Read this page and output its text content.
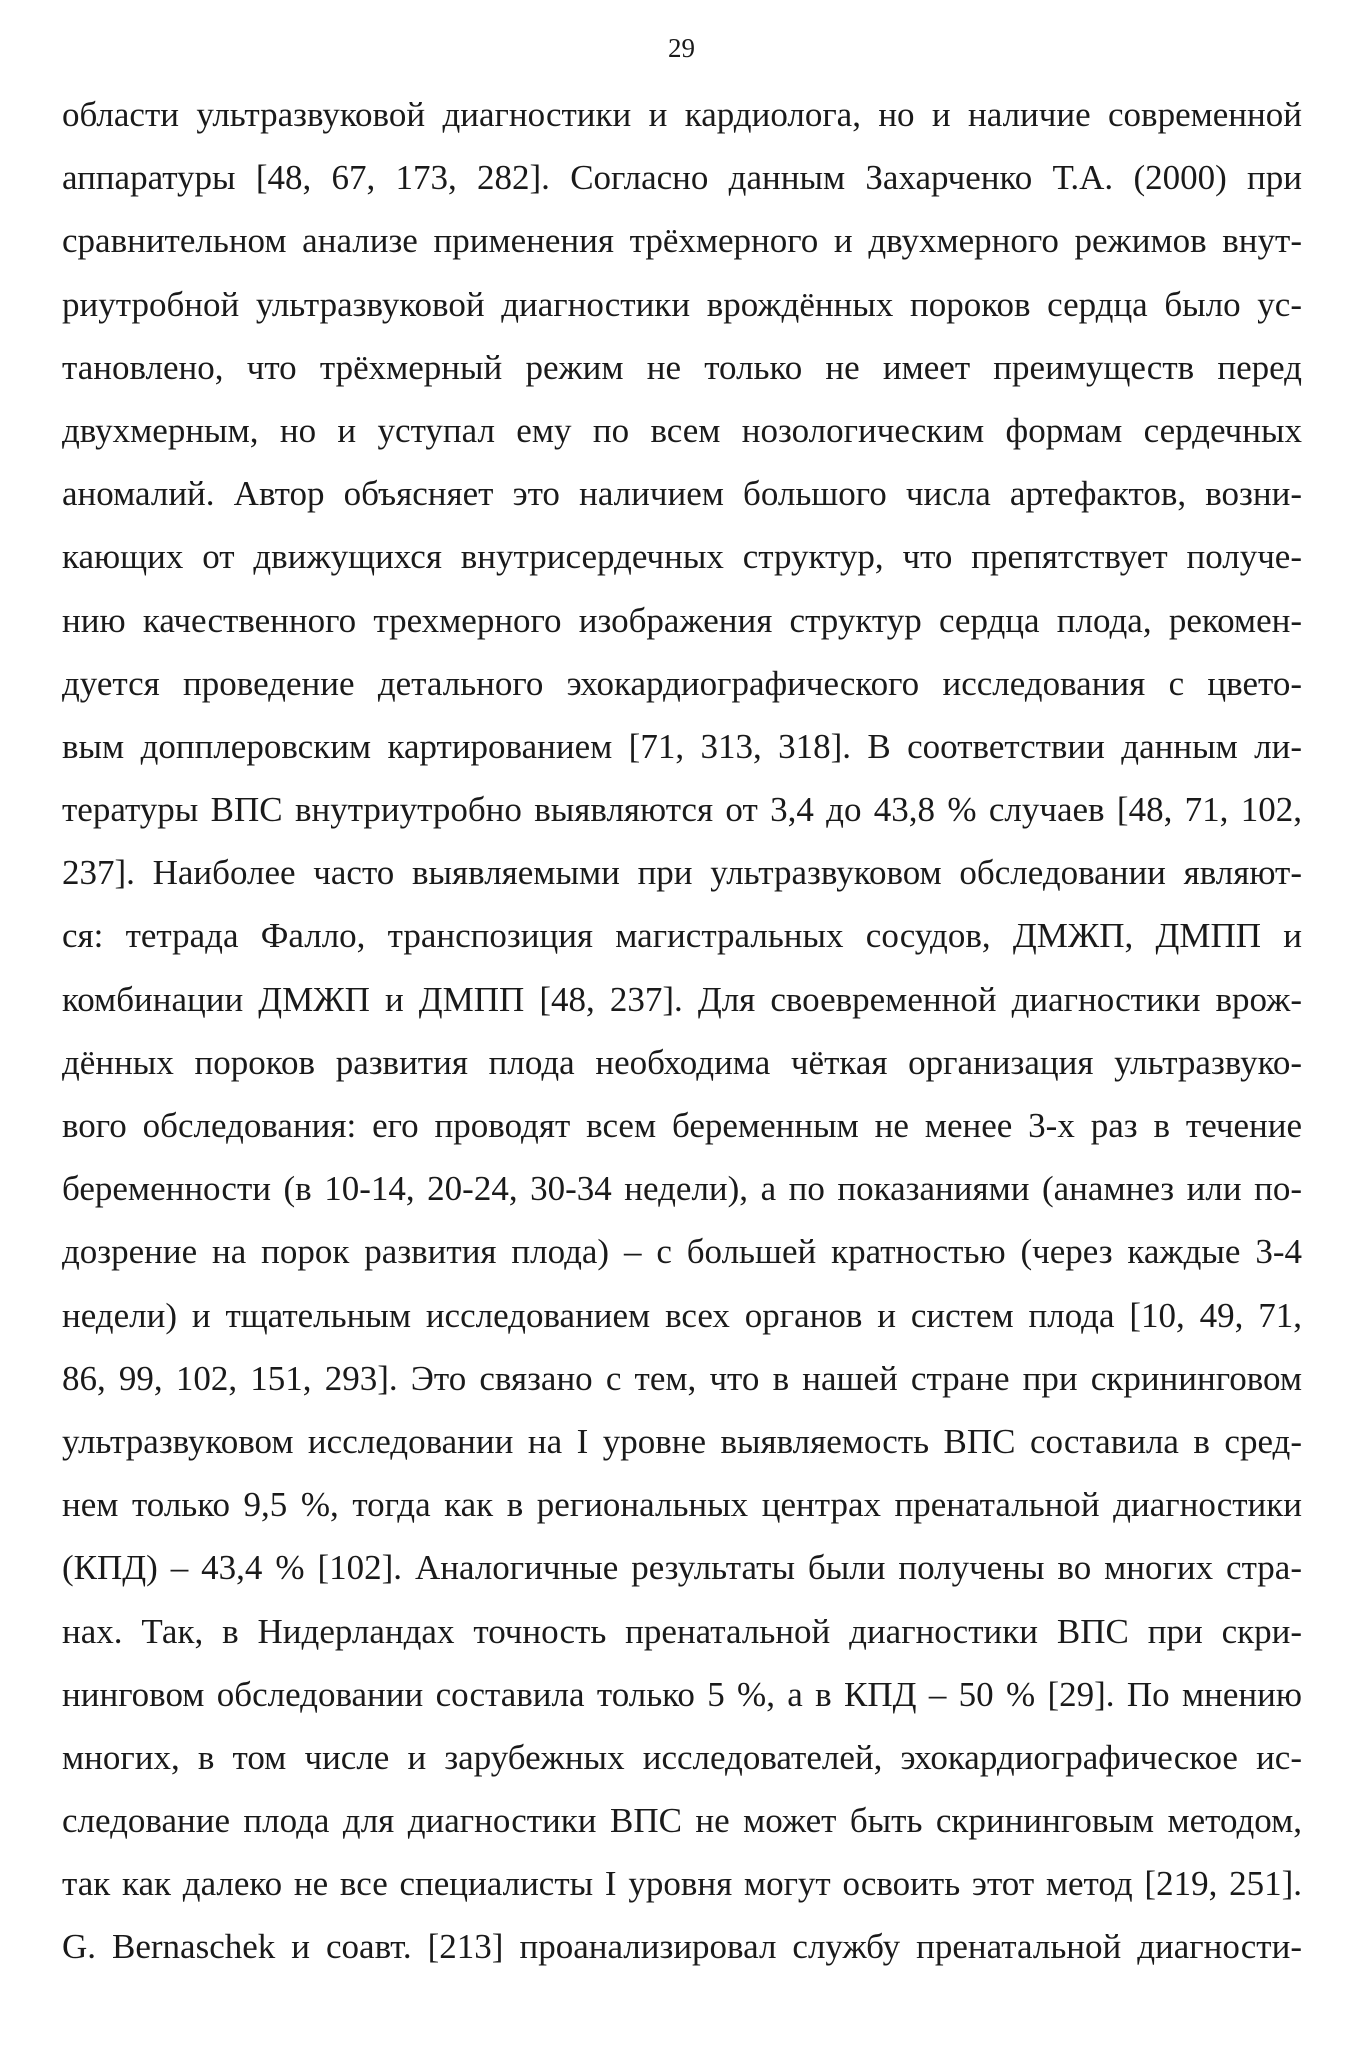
29
области ультразвуковой диагностики и кардиолога, но и наличие современной
аппаратуры [48, 67, 173, 282]. Согласно данным Захарченко Т.А. (2000) при
сравнительном анализе применения трёхмерного и двухмерного режимов внут-
риутробной ультразвуковой диагностики врождённых пороков сердца было ус-
тановлено, что трёхмерный режим не только не имеет преимуществ перед
двухмерным, но и уступал ему по всем нозологическим формам сердечных
аномалий. Автор объясняет это наличием большого числа артефактов, возни-
кающих от движущихся внутрисердечных структур, что препятствует получе-
нию качественного трехмерного изображения структур сердца плода, рекомен-
дуется проведение детального эхокардиографического исследования с цвето-
вым допплеровским картированием [71, 313, 318]. В соответствии данным ли-
тературы ВПС внутриутробно выявляются от 3,4 до 43,8 % случаев [48, 71, 102,
237]. Наиболее часто выявляемыми при ультразвуковом обследовании являют-
ся: тетрада Фалло, транспозиция магистральных сосудов, ДМЖП, ДМПП и
комбинации ДМЖП и ДМПП [48, 237]. Для своевременной диагностики врож-
дённых пороков развития плода необходима чёткая организация ультразвуко-
вого обследования: его проводят всем беременным не менее 3-х раз в течение
беременности (в 10-14, 20-24, 30-34 недели), а по показаниями (анамнез или по-
дозрение на порок развития плода) – с большей кратностью (через каждые 3-4
недели) и тщательным исследованием всех органов и систем плода [10, 49, 71,
86, 99, 102, 151, 293]. Это связано с тем, что в нашей стране при скрининговом
ультразвуковом исследовании на I уровне выявляемость ВПС составила в сред-
нем только 9,5 %, тогда как в региональных центрах пренатальной диагностики
(КПД) – 43,4 % [102]. Аналогичные результаты были получены во многих стра-
нах. Так, в Нидерландах точность пренатальной диагностики ВПС при скри-
нинговом обследовании составила только 5 %, а в КПД – 50 % [29]. По мнению
многих, в том числе и зарубежных исследователей, эхокардиографическое ис-
следование плода для диагностики ВПС не может быть скрининговым методом,
так как далеко не все специалисты I уровня могут освоить этот метод [219, 251].
G. Bernaschek и соавт. [213] проанализировал службу пренатальной диагности-
